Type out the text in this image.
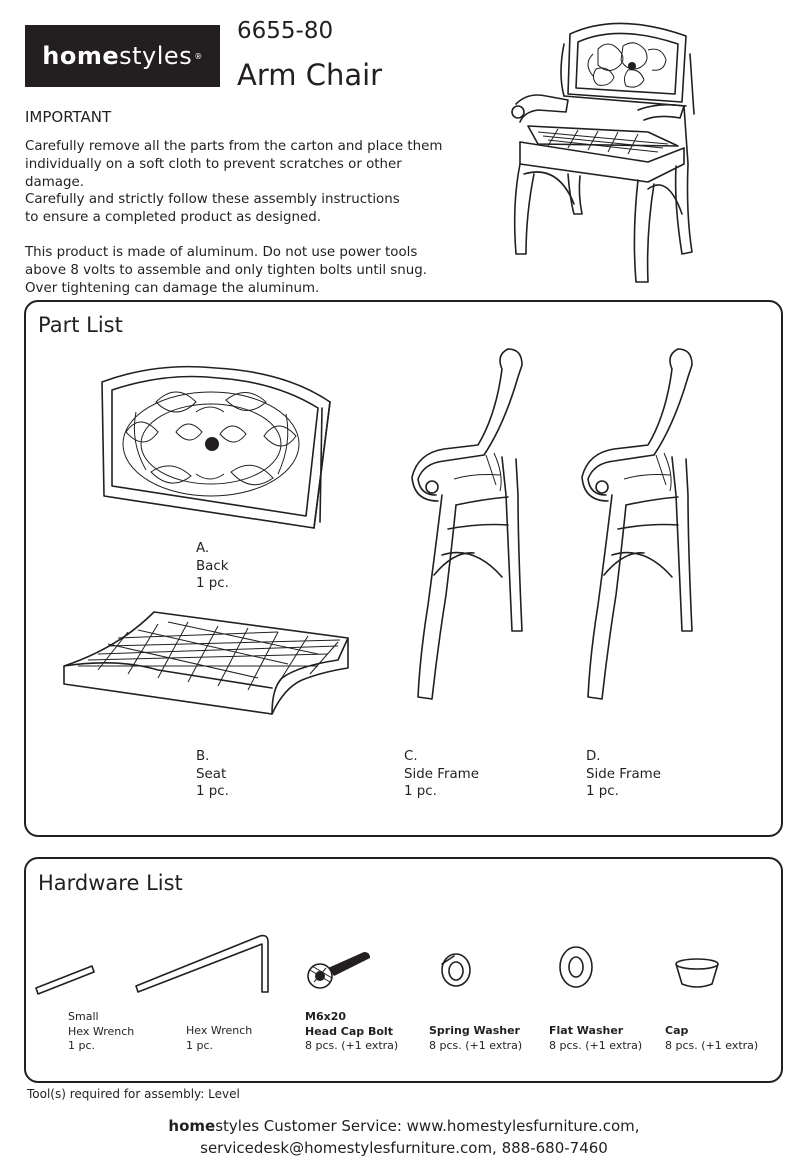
home styles ®
6655-80
Arm Chair
IMPORTANT
Carefully remove all the parts from the carton and place them
individually on a soft cloth to prevent scratches or other damage.
Carefully and strictly follow these assembly instructions
to ensure a completed product as designed.
This product is made of aluminum. Do not use power tools
above 8 volts to assemble and only tighten bolts until snug.
Over tightening can damage the aluminum.
Part List
A.
Back
1 pc.
B.
Seat
1 pc.
C.
Side Frame
1 pc.
D.
Side Frame
1 pc.
Hardware List
Small
Hex Wrench
1 pc.
Hex Wrench
1 pc.
M6x20
Head Cap Bolt
8 pcs. (+1 extra)
Spring Washer
8 pcs. (+1 extra)
Flat Washer
8 pcs. (+1 extra)
Cap
8 pcs. (+1 extra)
Tool(s) required for assembly: Level
homestyles Customer Service: www.homestylesfurniture.com,
servicedesk@homestylesfurniture.com, 888-680-7460
